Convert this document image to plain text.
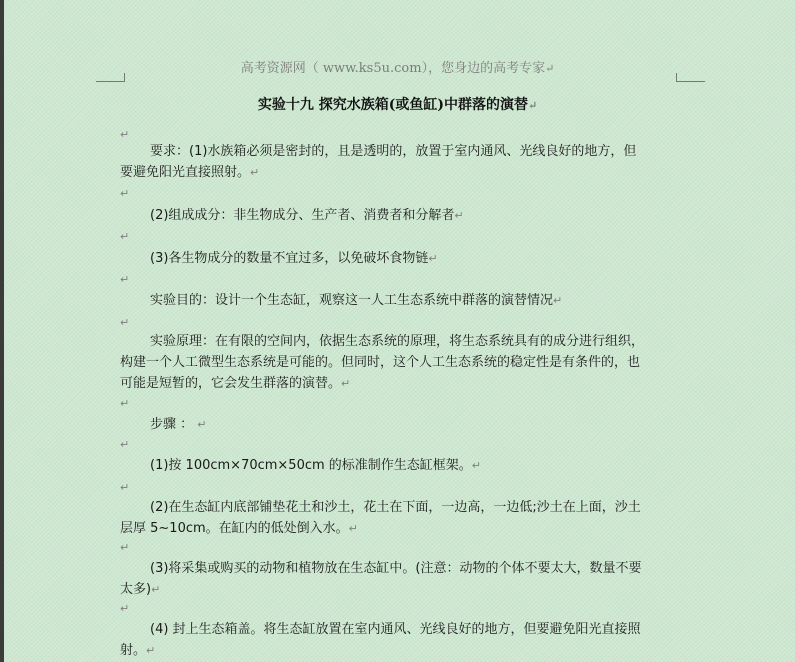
高考资源网（ www.ks5u.com），您身边的高考专家↵
实验十九 探究水族箱(或鱼缸)中群落的演替↵
↵
↵
↵
↵
↵
↵
↵
↵
↵
↵
要求：(1)水族箱必须是密封的，且是透明的，放置于室内通风、光线良好的地方，但
要避免阳光直接照射。↵
(2)组成成分：非生物成分、生产者、消费者和分解者↵
(3)各生物成分的数量不宜过多，以免破坏食物链↵
实验目的：设计一个生态缸，观察这一人工生态系统中群落的演替情况↵
实验原理：在有限的空间内，依据生态系统的原理，将生态系统具有的成分进行组织，
构建一个人工微型生态系统是可能的。但同时，这个人工生态系统的稳定性是有条件的，也
可能是短暂的，它会发生群落的演替。↵
步骤 ： ↵
(1)按 100cm×70cm×50cm 的标准制作生态缸框架。↵
(2)在生态缸内底部铺垫花土和沙土，花土在下面，一边高，一边低;沙土在上面，沙土
层厚 5~10cm。在缸内的低处倒入水。↵
(3)将采集或购买的动物和植物放在生态缸中。(注意：动物的个体不要太大，数量不要
太多)↵
(4) 封上生态箱盖。将生态缸放置在室内通风、光线良好的地方，但要避免阳光直接照
射。↵
